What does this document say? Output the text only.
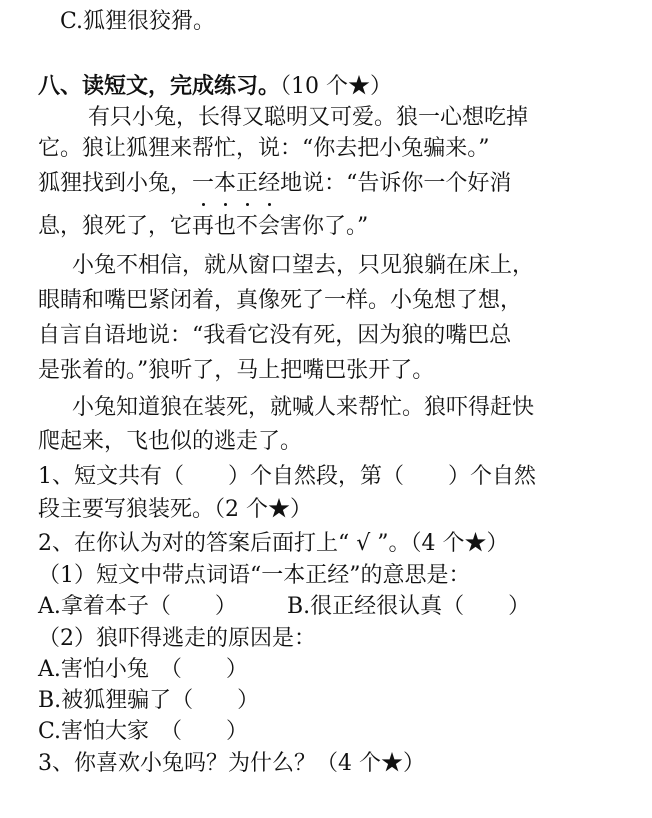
C.狐狸很狡猾。
八、读短文，完成练习。（10 个★）
有只小兔，长得又聪明又可爱。狼一心想吃掉
它。狼让狐狸来帮忙，说：“你去把小兔骗来。”
狐狸找到小兔，一
本
正
经
地说：“告诉你一个好消
息，狼死了，它再也不会害你了。”
小兔不相信，就从窗口望去，只见狼躺在床上，
眼睛和嘴巴紧闭着，真像死了一样。小兔想了想，
自言自语地说：“我看它没有死，因为狼的嘴巴总
是张着的。”狼听了，马上把嘴巴张开了。
小兔知道狼在装死，就喊人来帮忙。狼吓得赶快
爬起来，飞也似的逃走了。
1、短文共有（　　）个自然段，第（　　）个自然
段主要写狼装死。（2 个★）
2、在你认为对的答案后面打上“ √ ”。（4 个★）
（1）短文中带点词语“一本正经”的意思是：
A.拿着本子（　　） B.很正经很认真（　　）
（2）狼吓得逃走的原因是：
A.害怕小兔　（　　）
B.被狐狸骗了（　　）
C.害怕大家　（　　）
3、你喜欢小兔吗？为什么？（4 个★）
